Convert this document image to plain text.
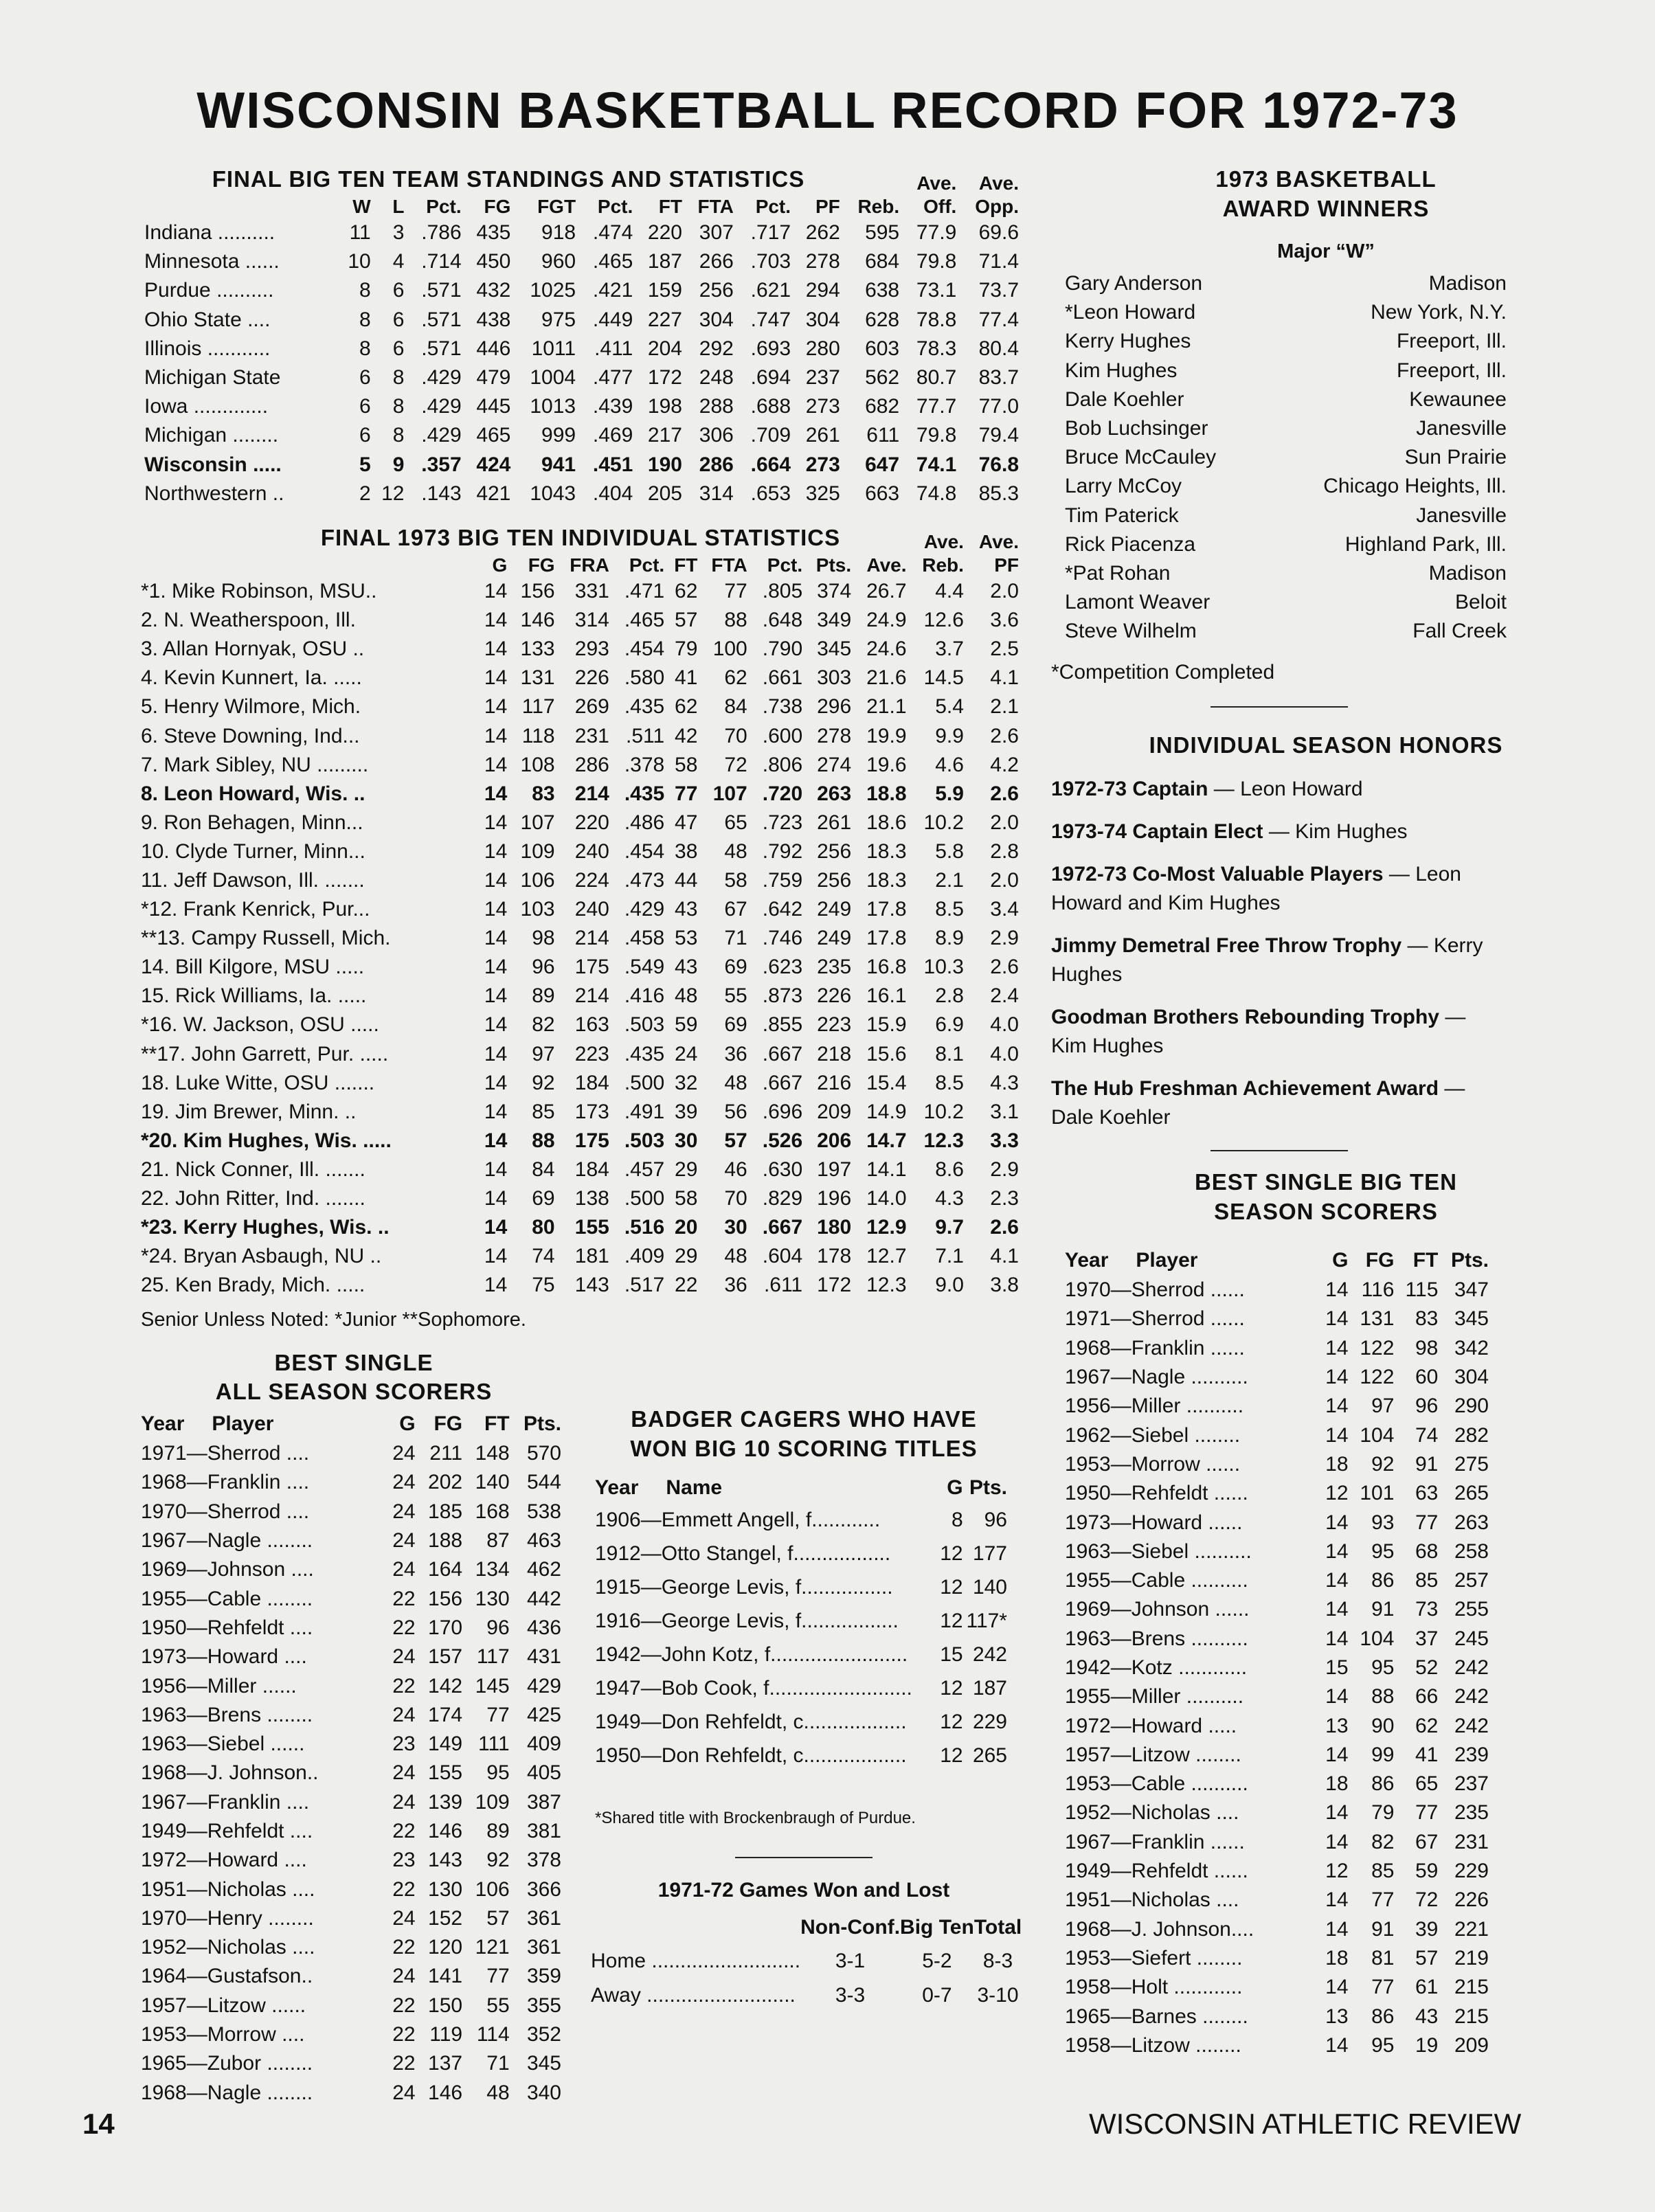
WISCONSIN BASKETBALL RECORD FOR 1972-73
FINAL BIG TEN TEAM STANDINGS AND STATISTICS
												Ave.	Ave.
	W	L	Pct.	FG	FGT	Pct.	FT	FTA	Pct.	PF	Reb.	Off.	Opp.
Indiana ..........	11	3	.786	435	918	.474	220	307	.717	262	595	77.9	69.6
Minnesota ......	10	4	.714	450	960	.465	187	266	.703	278	684	79.8	71.4
Purdue ..........	8	6	.571	432	1025	.421	159	256	.621	294	638	73.1	73.7
Ohio State ....	8	6	.571	438	975	.449	227	304	.747	304	628	78.8	77.4
Illinois ...........	8	6	.571	446	1011	.411	204	292	.693	280	603	78.3	80.4
Michigan State	6	8	.429	479	1004	.477	172	248	.694	237	562	80.7	83.7
Iowa .............	6	8	.429	445	1013	.439	198	288	.688	273	682	77.7	77.0
Michigan ........	6	8	.429	465	999	.469	217	306	.709	261	611	79.8	79.4
Wisconsin .....	5	9	.357	424	941	.451	190	286	.664	273	647	74.1	76.8
Northwestern ..	2	12	.143	421	1043	.404	205	314	.653	325	663	74.8	85.3
FINAL 1973 BIG TEN INDIVIDUAL STATISTICS
										Ave.	Ave.
	G	FG	FRA	Pct.	FT	FTA	Pct.	Pts.	Ave.	Reb.	PF
*1. Mike Robinson, MSU..	14	156	331	.471	62	77	.805	374	26.7	4.4	2.0
2. N. Weatherspoon, Ill.	14	146	314	.465	57	88	.648	349	24.9	12.6	3.6
3. Allan Hornyak, OSU ..	14	133	293	.454	79	100	.790	345	24.6	3.7	2.5
4. Kevin Kunnert, Ia. .....	14	131	226	.580	41	62	.661	303	21.6	14.5	4.1
5. Henry Wilmore, Mich.	14	117	269	.435	62	84	.738	296	21.1	5.4	2.1
6. Steve Downing, Ind...	14	118	231	.511	42	70	.600	278	19.9	9.9	2.6
7. Mark Sibley, NU .........	14	108	286	.378	58	72	.806	274	19.6	4.6	4.2
8. Leon Howard, Wis. ..	14	83	214	.435	77	107	.720	263	18.8	5.9	2.6
9. Ron Behagen, Minn...	14	107	220	.486	47	65	.723	261	18.6	10.2	2.0
10. Clyde Turner, Minn...	14	109	240	.454	38	48	.792	256	18.3	5.8	2.8
11. Jeff Dawson, Ill. .......	14	106	224	.473	44	58	.759	256	18.3	2.1	2.0
*12. Frank Kenrick, Pur...	14	103	240	.429	43	67	.642	249	17.8	8.5	3.4
**13. Campy Russell, Mich.	14	98	214	.458	53	71	.746	249	17.8	8.9	2.9
14. Bill Kilgore, MSU .....	14	96	175	.549	43	69	.623	235	16.8	10.3	2.6
15. Rick Williams, Ia. .....	14	89	214	.416	48	55	.873	226	16.1	2.8	2.4
*16. W. Jackson, OSU .....	14	82	163	.503	59	69	.855	223	15.9	6.9	4.0
**17. John Garrett, Pur. .....	14	97	223	.435	24	36	.667	218	15.6	8.1	4.0
18. Luke Witte, OSU .......	14	92	184	.500	32	48	.667	216	15.4	8.5	4.3
19. Jim Brewer, Minn. ..	14	85	173	.491	39	56	.696	209	14.9	10.2	3.1
*20. Kim Hughes, Wis. .....	14	88	175	.503	30	57	.526	206	14.7	12.3	3.3
21. Nick Conner, Ill. .......	14	84	184	.457	29	46	.630	197	14.1	8.6	2.9
22. John Ritter, Ind. .......	14	69	138	.500	58	70	.829	196	14.0	4.3	2.3
*23. Kerry Hughes, Wis. ..	14	80	155	.516	20	30	.667	180	12.9	9.7	2.6
*24. Bryan Asbaugh, NU ..	14	74	181	.409	29	48	.604	178	12.7	7.1	4.1
25. Ken Brady, Mich. .....	14	75	143	.517	22	36	.611	172	12.3	9.0	3.8
Senior Unless Noted: *Junior **Sophomore.
1973 BASKETBALL
AWARD WINNERS
Major “W”
Gary Anderson	Madison
*Leon Howard	New York, N.Y.
Kerry Hughes	Freeport, Ill.
Kim Hughes	Freeport, Ill.
Dale Koehler	Kewaunee
Bob Luchsinger	Janesville
Bruce McCauley	Sun Prairie
Larry McCoy	Chicago Heights, Ill.
Tim Paterick	Janesville
Rick Piacenza	Highland Park, Ill.
*Pat Rohan	Madison
Lamont Weaver	Beloit
Steve Wilhelm	Fall Creek
*Competition Completed
INDIVIDUAL SEASON HONORS

1972-73 Captain — Leon Howard

1973-74 Captain Elect — Kim Hughes

1972-73 Co-Most Valuable Players — Leon Howard and Kim Hughes

Jimmy Demetral Free Throw Trophy — Kerry Hughes

Goodman Brothers Rebounding Trophy — Kim Hughes

The Hub Freshman Achievement Award — Dale Koehler

BEST SINGLE BIG TEN
SEASON SCORERS
Year Player	G	FG	FT	Pts.
1970—Sherrod ......	14	116	115	347
1971—Sherrod ......	14	131	83	345
1968—Franklin ......	14	122	98	342
1967—Nagle ..........	14	122	60	304
1956—Miller ..........	14	97	96	290
1962—Siebel ........	14	104	74	282
1953—Morrow ......	18	92	91	275
1950—Rehfeldt ......	12	101	63	265
1973—Howard ......	14	93	77	263
1963—Siebel ..........	14	95	68	258
1955—Cable ..........	14	86	85	257
1969—Johnson ......	14	91	73	255
1963—Brens ..........	14	104	37	245
1942—Kotz ............	15	95	52	242
1955—Miller ..........	14	88	66	242
1972—Howard .....	13	90	62	242
1957—Litzow ........	14	99	41	239
1953—Cable ..........	18	86	65	237
1952—Nicholas ....	14	79	77	235
1967—Franklin ......	14	82	67	231
1949—Rehfeldt ......	12	85	59	229
1951—Nicholas ....	14	77	72	226
1968—J. Johnson....	14	91	39	221
1953—Siefert ........	18	81	57	219
1958—Holt ............	14	77	61	215
1965—Barnes ........	13	86	43	215
1958—Litzow ........	14	95	19	209
BEST SINGLE
ALL SEASON SCORERS
Year Player	G	FG	FT	Pts.
1971—Sherrod ....	24	211	148	570
1968—Franklin ....	24	202	140	544
1970—Sherrod ....	24	185	168	538
1967—Nagle ........	24	188	87	463
1969—Johnson ....	24	164	134	462
1955—Cable ........	22	156	130	442
1950—Rehfeldt ....	22	170	96	436
1973—Howard ....	24	157	117	431
1956—Miller ......	22	142	145	429
1963—Brens ........	24	174	77	425
1963—Siebel ......	23	149	111	409
1968—J. Johnson..	24	155	95	405
1967—Franklin ....	24	139	109	387
1949—Rehfeldt ....	22	146	89	381
1972—Howard ....	23	143	92	378
1951—Nicholas ....	22	130	106	366
1970—Henry ........	24	152	57	361
1952—Nicholas ....	22	120	121	361
1964—Gustafson..	24	141	77	359
1957—Litzow ......	22	150	55	355
1953—Morrow ....	22	119	114	352
1965—Zubor ........	22	137	71	345
1968—Nagle ........	24	146	48	340
BADGER CAGERS WHO HAVE
WON BIG 10 SCORING TITLES
Year Name	G	Pts.
1906—Emmett Angell, f............	8	96
1912—Otto Stangel, f.................	12	177
1915—George Levis, f................	12	140
1916—George Levis, f.................	12	117*
1942—John Kotz, f........................	15	242
1947—Bob Cook, f.........................	12	187
1949—Don Rehfeldt, c..................	12	229
1950—Don Rehfeldt, c..................	12	265
*Shared title with Brockenbraugh of Purdue.
1971-72 Games Won and Lost
	Non-Conf.	Big Ten	Total
Home ..........................	3-1	5-2	8-3
Away ..........................	3-3	0-7	3-10
14	WISCONSIN ATHLETIC REVIEW
